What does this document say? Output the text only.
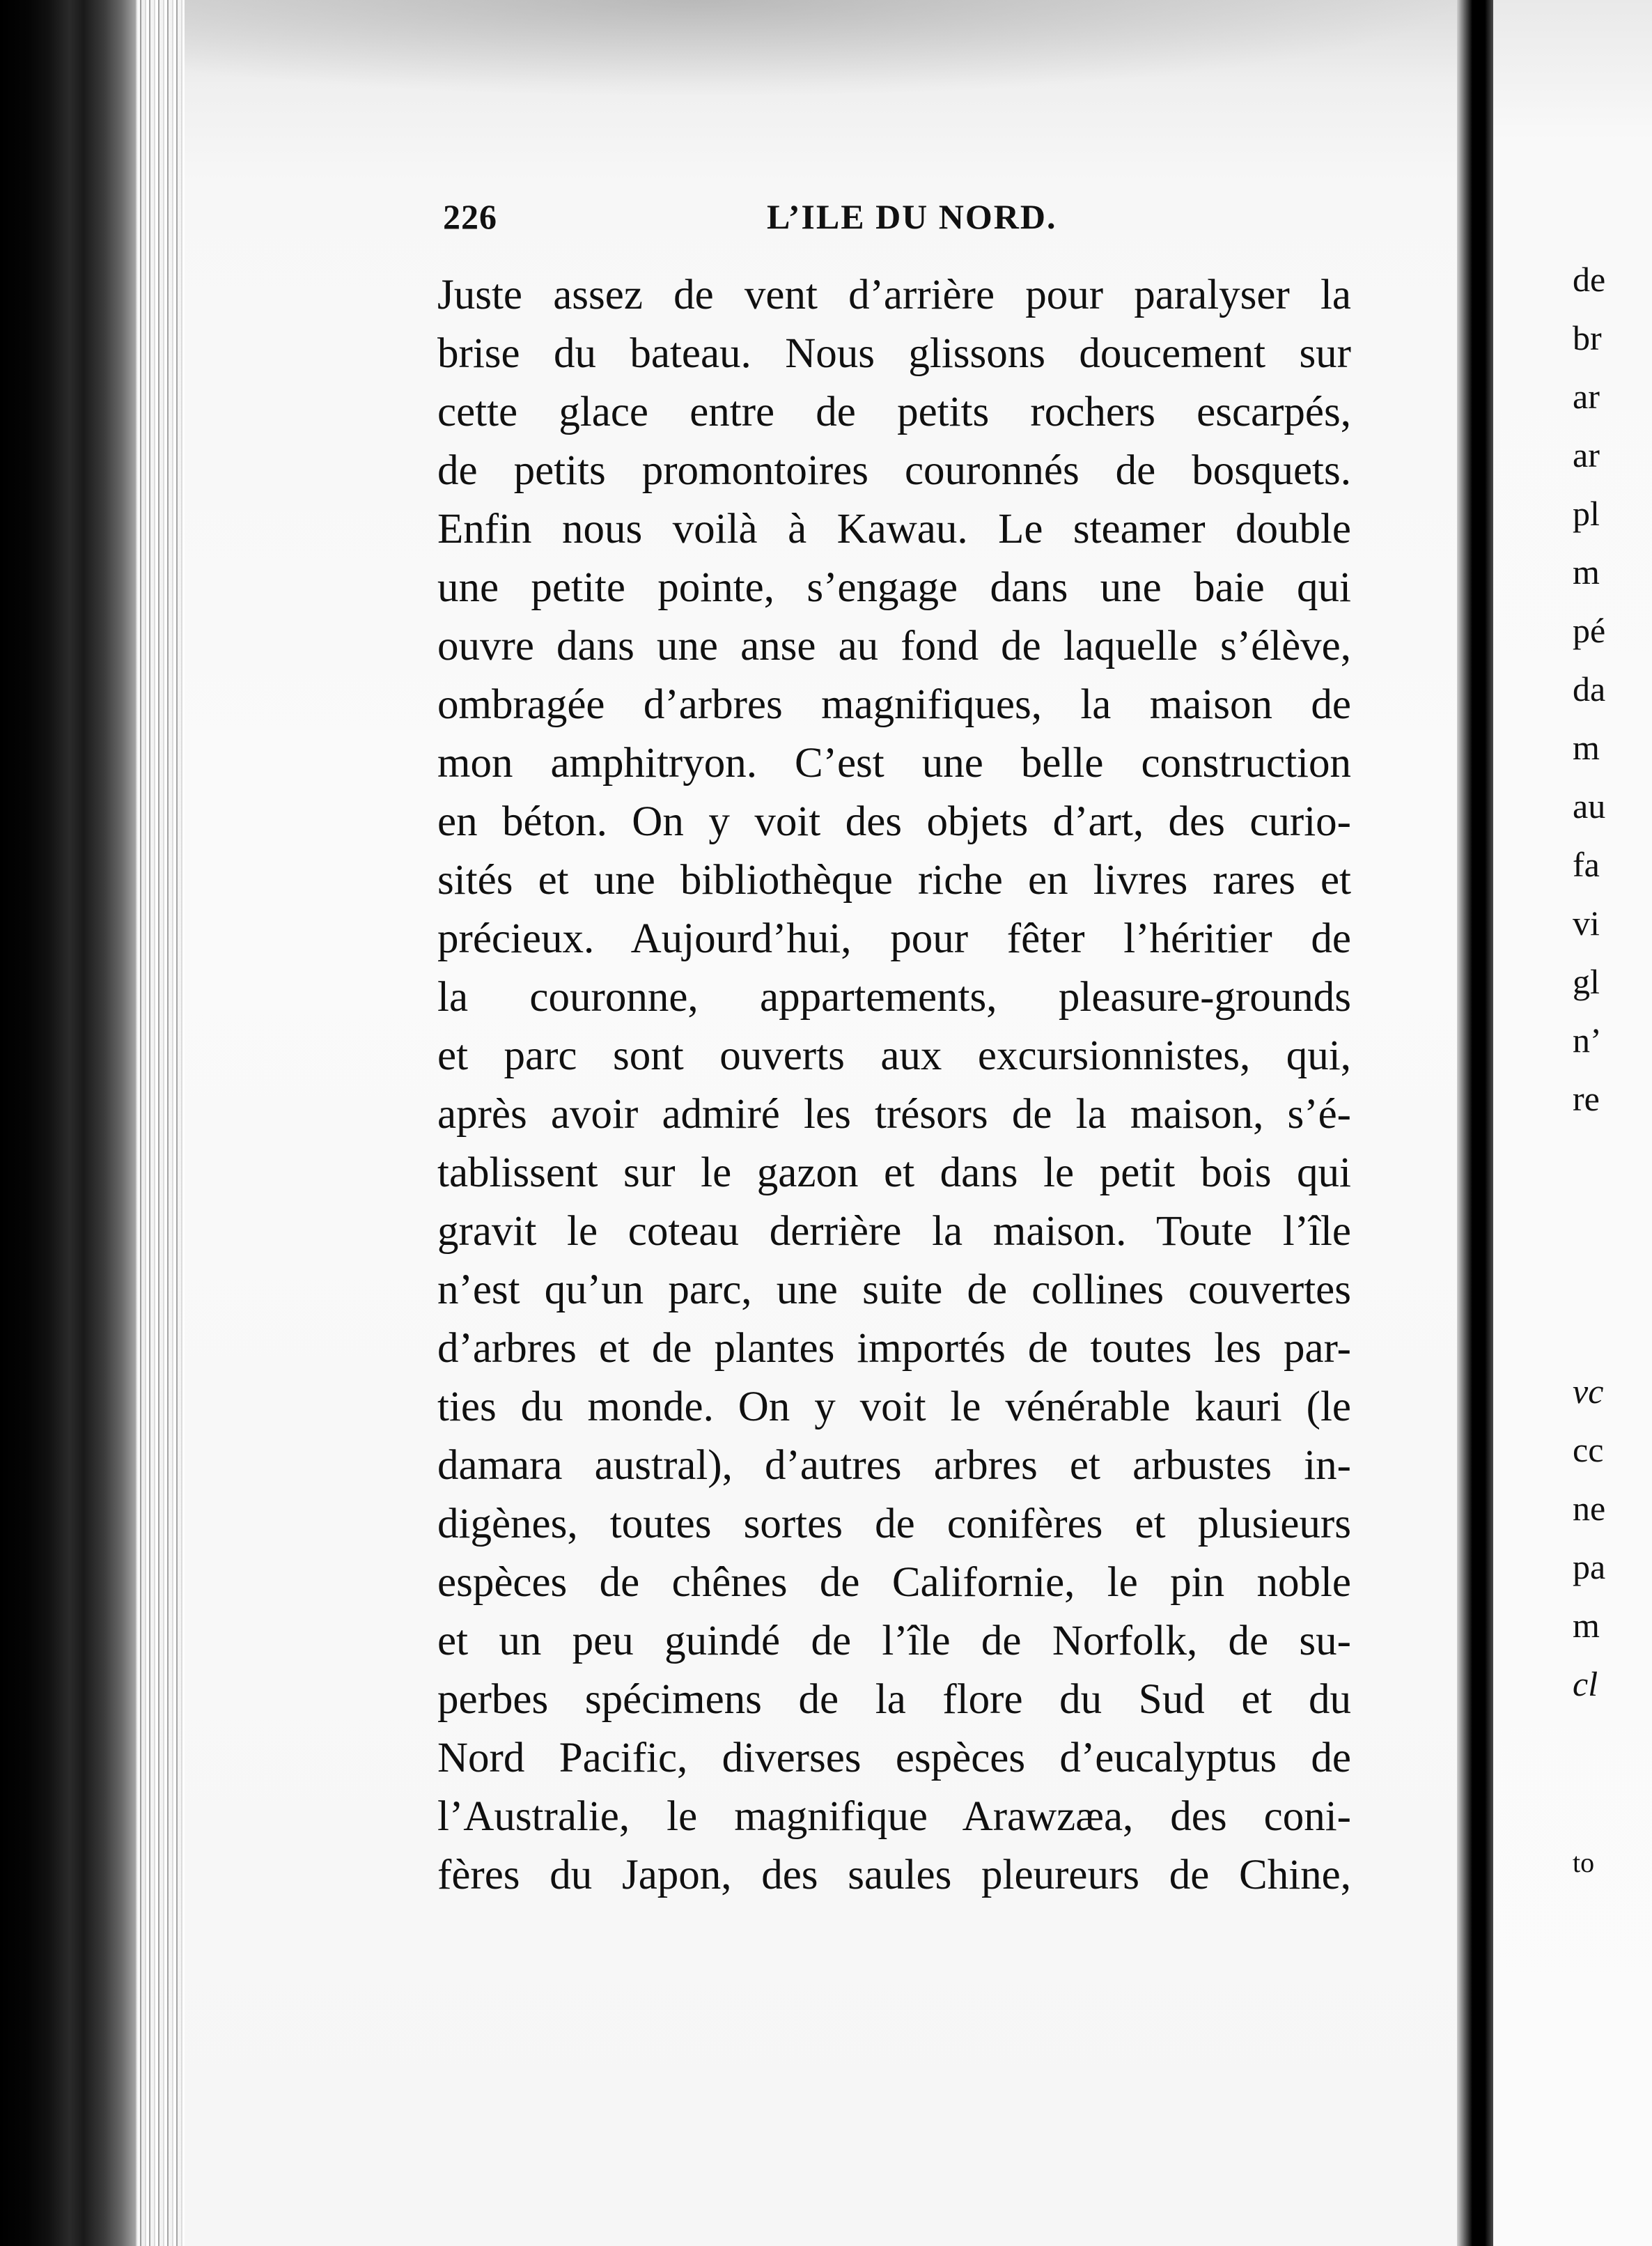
226	L’ILE DU NORD.
Juste assez de vent d’arrière pour paralyser la
brise du bateau. Nous glissons doucement sur
cette glace entre de petits rochers escarpés,
de petits promontoires couronnés de bosquets.
Enfin nous voilà à Kawau. Le steamer double
une petite pointe, s’engage dans une baie qui
ouvre dans une anse au fond de laquelle s’élève,
ombragée d’arbres magnifiques, la maison de
mon amphitryon. C’est une belle construction
en béton. On y voit des objets d’art, des curio-
sités et une bibliothèque riche en livres rares et
précieux. Aujourd’hui, pour fêter l’héritier de
la couronne, appartements, pleasure-grounds
et parc sont ouverts aux excursionnistes, qui,
après avoir admiré les trésors de la maison, s’é-
tablissent sur le gazon et dans le petit bois qui
gravit le coteau derrière la maison. Toute l’île
n’est qu’un parc, une suite de collines couvertes
d’arbres et de plantes importés de toutes les par-
ties du monde. On y voit le vénérable kauri (le
damara austral), d’autres arbres et arbustes in-
digènes, toutes sortes de conifères et plusieurs
espèces de chênes de Californie, le pin noble
et un peu guindé de l’île de Norfolk, de su-
perbes spécimens de la flore du Sud et du
Nord Pacific, diverses espèces d’eucalyptus de
l’Australie, le magnifique Arawzæa, des coni-
fères du Japon, des saules pleureurs de Chine,
de
br
ar
ar
pl
m
pé
da
m
au
fa
vi
gl
n’
re
vc
cc
ne
pa
m
cl
to
